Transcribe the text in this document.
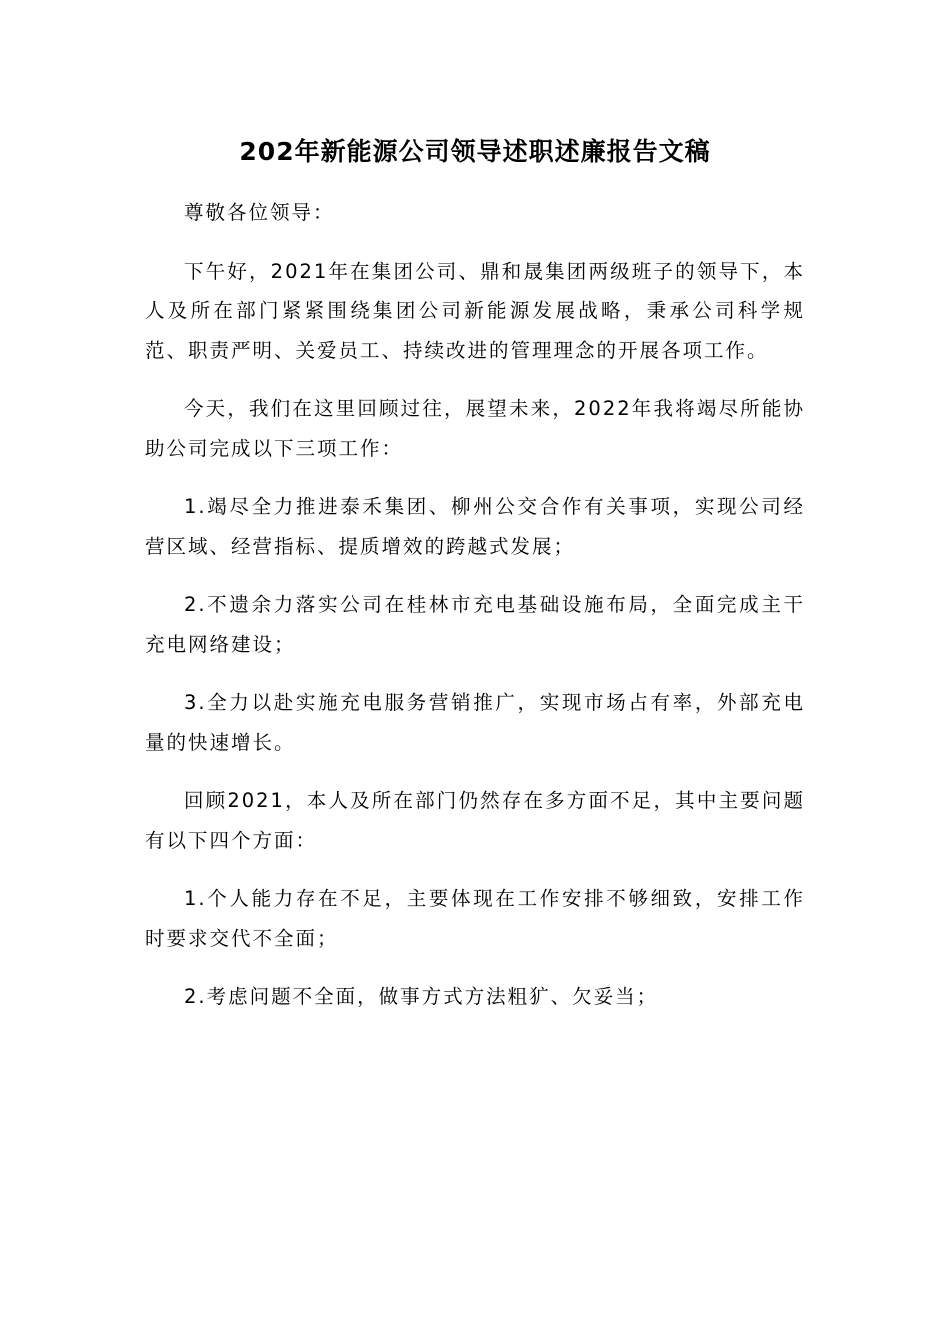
202年新能源公司领导述职述廉报告文稿

尊敬各位领导：

下午好，2021年在集团公司、鼎和晟集团两级班子的领导下，本人及所在部门紧紧围绕集团公司新能源发展战略，秉承公司科学规范、职责严明、关爱员工、持续改进的管理理念的开展各项工作。

今天，我们在这里回顾过往，展望未来，2022年我将竭尽所能协助公司完成以下三项工作：

1.竭尽全力推进泰禾集团、柳州公交合作有关事项，实现公司经营区域、经营指标、提质增效的跨越式发展；

2.不遗余力落实公司在桂林市充电基础设施布局，全面完成主干充电网络建设；

3.全力以赴实施充电服务营销推广，实现市场占有率，外部充电量的快速增长。

回顾2021，本人及所在部门仍然存在多方面不足，其中主要问题有以下四个方面：

1.个人能力存在不足，主要体现在工作安排不够细致，安排工作时要求交代不全面；

2.考虑问题不全面，做事方式方法粗犷、欠妥当；
